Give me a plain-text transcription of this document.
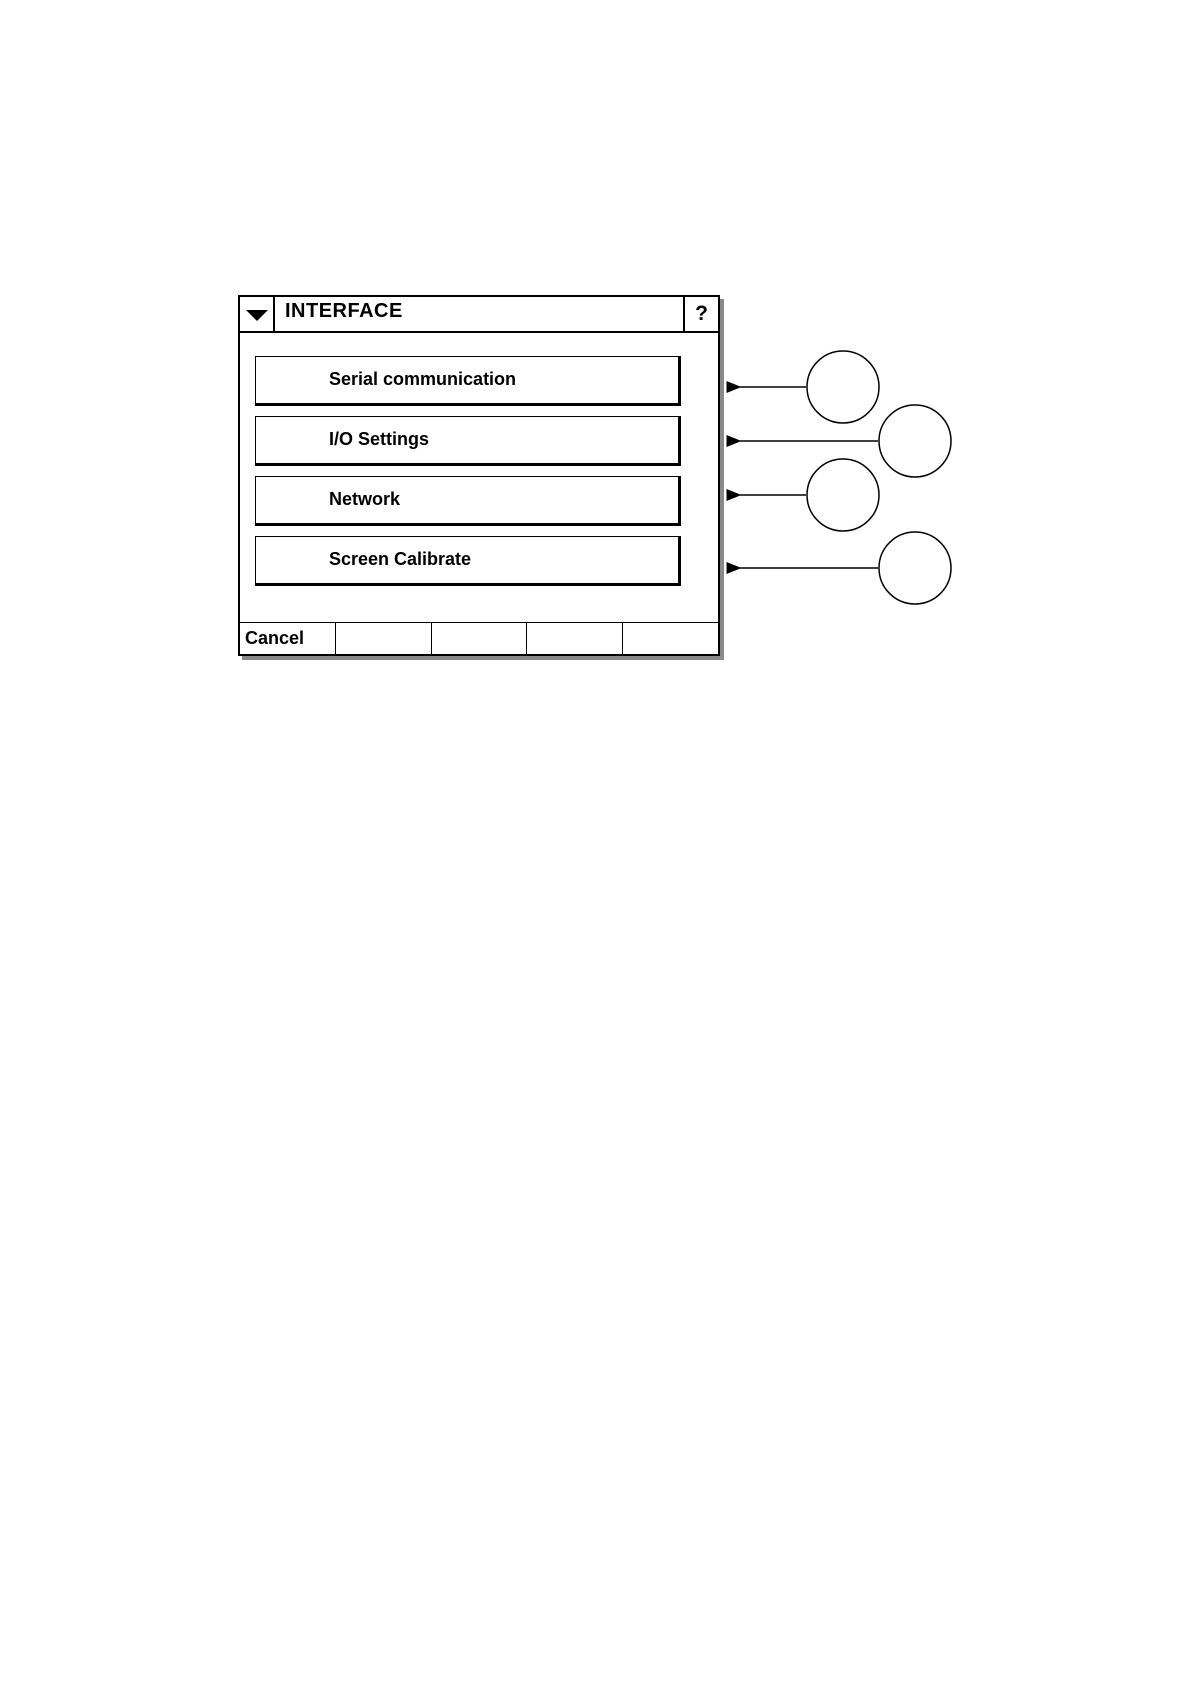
INTERFACE	?
Serial communication
I/O Settings
Network
Screen Calibrate
Cancel
